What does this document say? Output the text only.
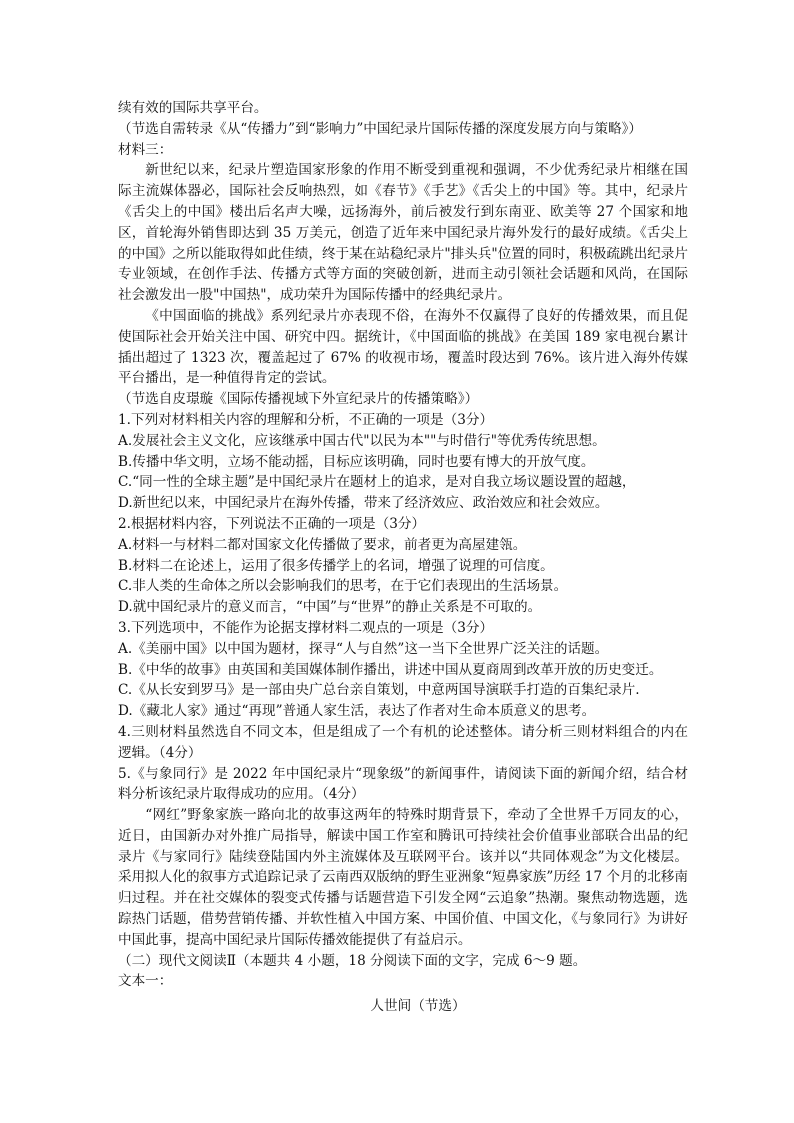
续有效的国际共享平台。

（节选自需转录《从“传播力”到“影响力”中国纪录片国际传播的深度发展方向与策略》）

材料三：

新世纪以来，纪录片塑造国家形象的作用不断受到重视和强调，不少优秀纪录片相继在国际主流媒体器必，国际社会反响热烈，如《春节》《手艺》《舌尖上的中国》等。其中，纪录片《舌尖上的中国》楼出后名声大噪，远扬海外，前后被发行到东南亚、欧美等 27 个国家和地区，首轮海外销售即达到 35 万美元，创造了近年来中国纪录片海外发行的最好成绩。《舌尖上的中国》之所以能取得如此佳绩，终于某在站稳纪录片"排头兵"位置的同时，积极疏跳出纪录片专业领域，在创作手法、传播方式等方面的突破创新，进而主动引领社会话题和风尚，在国际社会激发出一股"中国热"，成功荣升为国际传播中的经典纪录片。

《中国面临的挑战》系列纪录片亦表现不俗，在海外不仅赢得了良好的传播效果，而且促使国际社会开始关注中国、研究中四。据统计，《中国面临的挑战》在美国 189 家电视台累计插出超过了 1323 次，覆盖起过了 67% 的收视市场，覆盖时段达到 76%。该片进入海外传媒平台播出，是一种值得肯定的尝试。

（节选自皮璟璇《国际传播视域下外宣纪录片的传播策略》）

1.下列对材料相关内容的理解和分析，不正确的一项是（3分）

A.发展社会主义文化，应该继承中国古代"以民为本""与时借行"等优秀传统思想。

B.传播中华文明，立场不能动摇，目标应该明确，同时也要有博大的开放气度。

C.“同一性的全球主题”是中国纪录片在题材上的追求，是对自我立场议题设置的超越，

D.新世纪以来，中国纪录片在海外传播，带来了经济效应、政治效应和社会效应。

2.根据材料内容，下列说法不正确的一项是（3分）

A.材料一与材料二都对国家文化传播做了要求，前者更为高屋建瓴。

B.材料二在论述上，运用了很多传播学上的名词，增强了说理的可信度。

C.非人类的生命体之所以会影响我们的思考，在于它们表现出的生活场景。

D.就中国纪录片的意义而言，“中国”与“世界”的静止关系是不可取的。

3.下列选项中，不能作为论据支撑材料二观点的一项是（3分）

A.《美丽中国》以中国为题材，探寻“人与自然”这一当下全世界广泛关注的话题。

B.《中华的故事》由英国和美国媒体制作播出，讲述中国从夏商周到改革开放的历史变迁。

C.《从长安到罗马》是一部由央广总台亲自策划，中意两国导演联手打造的百集纪录片.

D.《藏北人家》通过“再现”普通人家生活，表达了作者对生命本质意义的思考。

4.三则材料虽然选自不同文本，但是组成了一个有机的论述整体。请分析三则材料组合的内在逻辑。（4分）

5.《与象同行》是 2022 年中国纪录片“现象级”的新闻事件，请阅读下面的新闻介绍，结合材料分析该纪录片取得成功的应用。（4分）

“网红”野象家族一路向北的故事这两年的特殊时期背景下，牵动了全世界千万同友的心，近日，由国新办对外推广局指导，解读中国工作室和腾讯可持续社会价值事业部联合出品的纪录片《与家同行》陆续登陆国内外主流媒体及互联网平台。该并以“共同体观念”为文化楼层。采用拟人化的叙事方式追踪记录了云南西双版纳的野生亚洲象“短鼻家族”历经 17 个月的北移南归过程。并在社交媒体的裂变式传播与话题营造下引发全网“云追象”热潮。聚焦动物选题，选踪热门话题，借势营销传播、并软性植入中国方案、中国价值、中国文化，《与象同行》为讲好中国此事，提高中国纪录片国际传播效能提供了有益启示。

（二）现代文阅读Ⅱ（本题共 4 小题，18 分阅读下面的文字，完成 6～9 题。

文本一：

人世间（节选）
